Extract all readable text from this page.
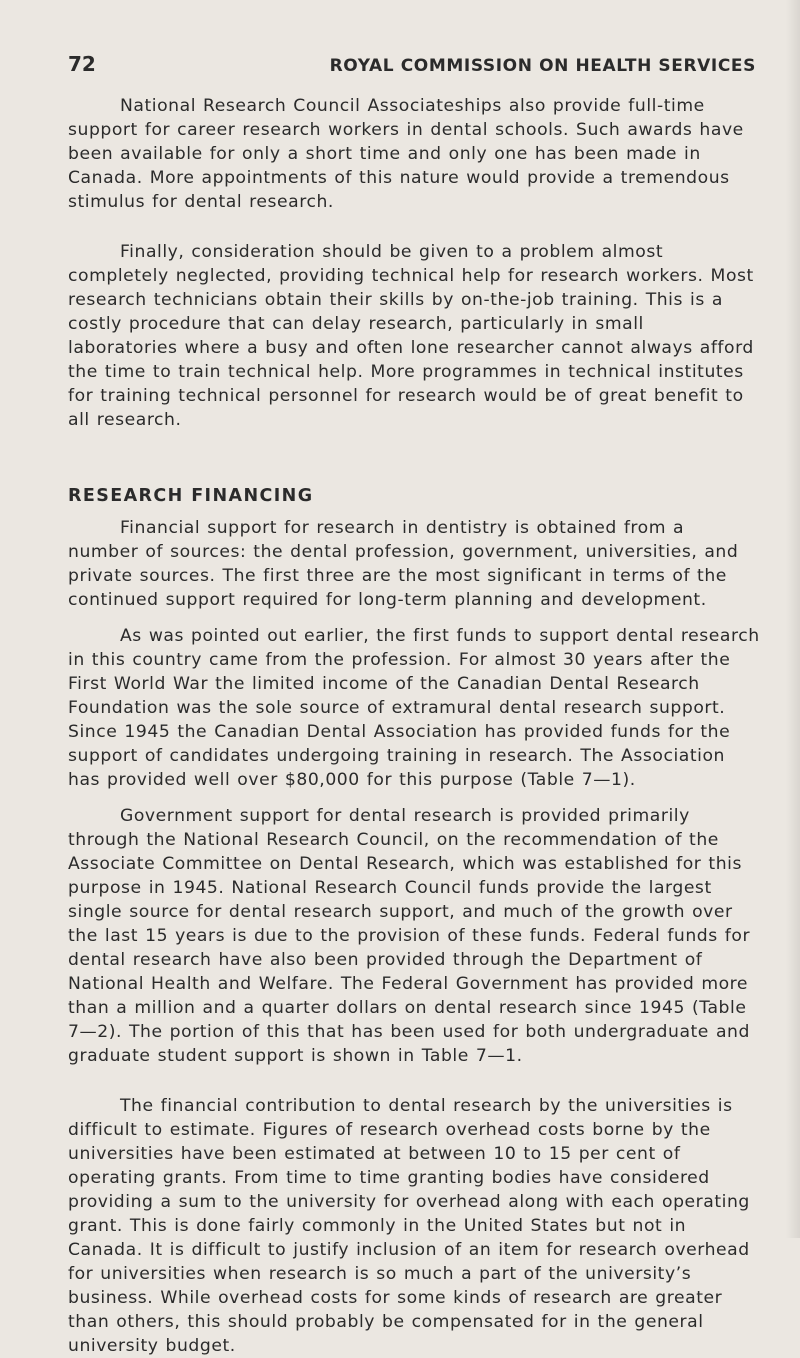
72	ROYAL COMMISSION ON HEALTH SERVICES

National Research Council Associateships also provide full-time support for career research workers in dental schools. Such awards have been available for only a short time and only one has been made in Canada. More appointments of this nature would provide a tremendous stimulus for dental research.

Finally, consideration should be given to a problem almost completely neglected, providing technical help for research workers. Most research technicians obtain their skills by on-the-job training. This is a costly procedure that can delay research, particularly in small laboratories where a busy and often lone researcher cannot always afford the time to train technical help. More programmes in technical institutes for training technical personnel for research would be of great benefit to all research.

RESEARCH FINANCING

Financial support for research in dentistry is obtained from a number of sources: the dental profession, government, universities, and private sources. The first three are the most significant in terms of the continued support required for long-term planning and development.

As was pointed out earlier, the first funds to support dental research in this country came from the profession. For almost 30 years after the First World War the limited income of the Canadian Dental Research Foundation was the sole source of extramural dental research support. Since 1945 the Canadian Dental Association has provided funds for the support of candidates undergoing training in research. The Association has provided well over $80,000 for this purpose (Table 7—1).

Government support for dental research is provided primarily through the National Research Council, on the recommendation of the Associate Committee on Dental Research, which was established for this purpose in 1945. National Research Council funds provide the largest single source for dental research support, and much of the growth over the last 15 years is due to the provision of these funds. Federal funds for dental research have also been provided through the Department of National Health and Welfare. The Federal Government has provided more than a million and a quarter dollars on dental research since 1945 (Table 7—2). The portion of this that has been used for both undergraduate and graduate student support is shown in Table 7—1.

The financial contribution to dental research by the universities is difficult to estimate. Figures of research overhead costs borne by the universities have been estimated at between 10 to 15 per cent of operating grants. From time to time granting bodies have considered providing a sum to the university for overhead along with each operating grant. This is done fairly commonly in the United States but not in Canada. It is difficult to justify inclusion of an item for research overhead for universities when research is so much a part of the university’s business. While overhead costs for some kinds of research are greater than others, this should probably be compensated for in the general university budget.
